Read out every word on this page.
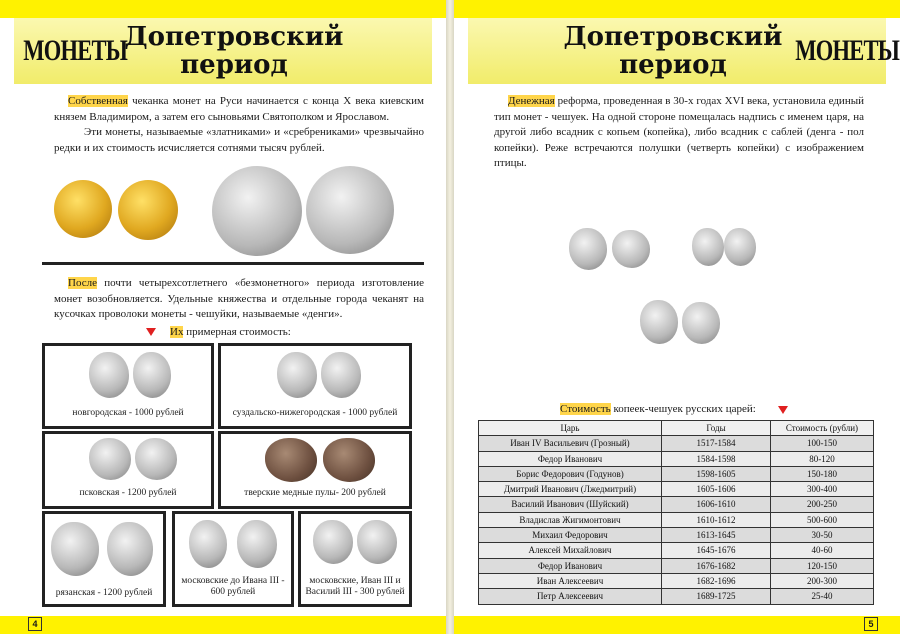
МОНЕТЫ
Допетровский
период
Собственная чеканка монет на Руси начинается с конца Х века киевским князем Владимиром, а затем его сыновьями Святополком и Ярославом.
Эти монеты, называемые «златниками» и «сребрениками» чрезвычайно редки и их стоимость исчисляется сотнями тысяч рублей.
После почти четырехсотлетнего «безмонетного» периода изготовление монет возобновляется. Удельные княжества и отдельные города чеканят на кусочках проволоки монеты - чешуйки, называемые «денги».
Их примерная стоимость:
новгородская - 1000 рублей	суздальско-нижегородская - 1000 рублей
псковская - 1200 рублей	тверские медные пулы- 200 рублей
рязанская - 1200 рублей
московские до Ивана III - 600 рублей
московские, Иван III и Василий III - 300 рублей
4
Допетровский
период	МОНЕТЫ
Денежная реформа, проведенная в 30-х годах XVI века, установила единый тип монет - чешуек. На одной стороне помещалась надпись с именем царя, на другой либо всадник с копьем (копейка), либо всадник с саблей (денга - пол копейки). Реже встречаются полушки (четверть копейки) с изображением птицы.
Стоимость копеек-чешуек русских царей:
Царь	Годы	Стоимость (рубли)
Иван IV Васильевич (Грозный)	1517-1584	100-150
Федор Иванович	1584-1598	80-120
Борис Федорович (Годунов)	1598-1605	150-180
Дмитрий Иванович (Лжедмитрий)	1605-1606	300-400
Василий Иванович (Шуйский)	1606-1610	200-250
Владислав Жигимонтович	1610-1612	500-600
Михаил Федорович	1613-1645	30-50
Алексей Михайлович	1645-1676	40-60
Федор Иванович	1676-1682	120-150
Иван Алексеевич	1682-1696	200-300
Петр Алексеевич	1689-1725	25-40
5
